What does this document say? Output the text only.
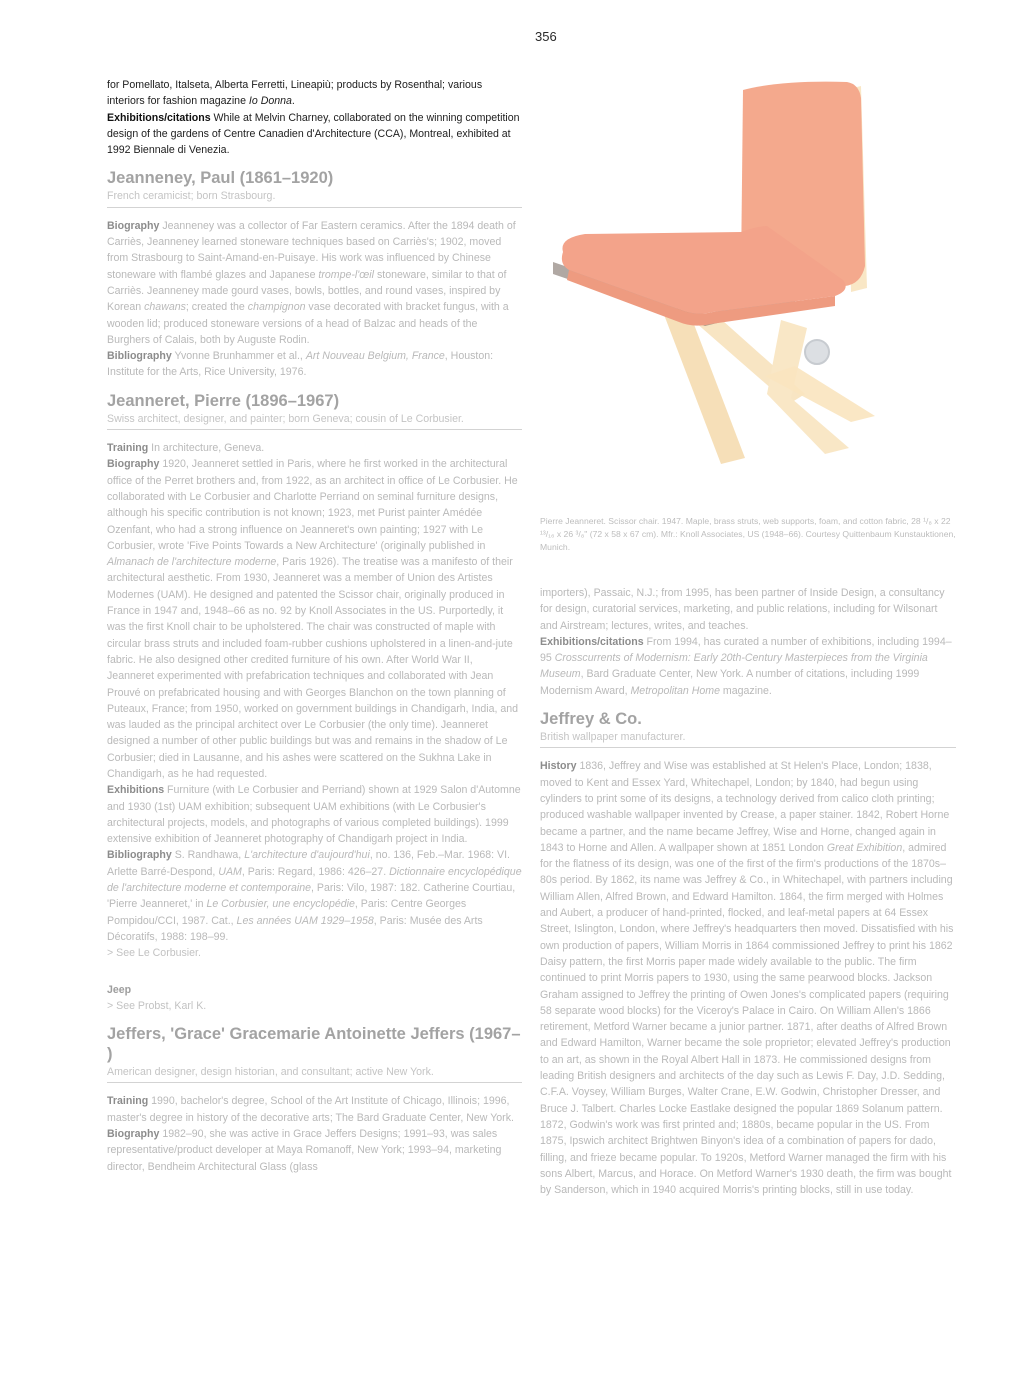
356

for Pomellato, Italseta, Alberta Ferretti, Lineapiù; products by Rosenthal; various interiors for fashion magazine Io Donna.

Exhibitions/citations While at Melvin Charney, collaborated on the winning competition design of the gardens of Centre Canadien d'Architecture (CCA), Montreal, exhibited at 1992 Biennale di Venezia.

Jeanneney, Paul (1861–1920)

French ceramicist; born Strasbourg.

Biography Jeanneney was a collector of Far Eastern ceramics. After the 1894 death of Carriès, Jeanneney learned stoneware techniques based on Carriès's; 1902, moved from Strasbourg to Saint-Amand-en-Puisaye. His work was influenced by Chinese stoneware with flambé glazes and Japanese trompe-l'œil stoneware, similar to that of Carriès. Jeanneney made gourd vases, bowls, bottles, and round vases, inspired by Korean chawans; created the champignon vase decorated with bracket fungus, with a wooden lid; produced stoneware versions of a head of Balzac and heads of the Burghers of Calais, both by Auguste Rodin.

Bibliography Yvonne Brunhammer et al., Art Nouveau Belgium, France, Houston: Institute for the Arts, Rice University, 1976.

Jeanneret, Pierre (1896–1967)

Swiss architect, designer, and painter; born Geneva; cousin of Le Corbusier.

Training In architecture, Geneva.

Biography 1920, Jeanneret settled in Paris, where he first worked in the architectural office of the Perret brothers and, from 1922, as an architect in office of Le Corbusier. He collaborated with Le Corbusier and Charlotte Perriand on seminal furniture designs, although his specific contribution is not known; 1923, met Purist painter Amédée Ozenfant, who had a strong influence on Jeanneret's own painting; 1927 with Le Corbusier, wrote 'Five Points Towards a New Architecture' (originally published in Almanach de l'architecture moderne, Paris 1926). The treatise was a manifesto of their architectural aesthetic. From 1930, Jeanneret was a member of Union des Artistes Modernes (UAM). He designed and patented the Scissor chair, originally produced in France in 1947 and, 1948–66 as no. 92 by Knoll Associates in the US. Purportedly, it was the first Knoll chair to be upholstered. The chair was constructed of maple with circular brass struts and included foam-rubber cushions upholstered in a linen-and-jute fabric. He also designed other credited furniture of his own. After World War II, Jeanneret experimented with prefabrication techniques and collaborated with Jean Prouvé on prefabricated housing and with Georges Blanchon on the town planning of Puteaux, France; from 1950, worked on government buildings in Chandigarh, India, and was lauded as the principal architect over Le Corbusier (the only time). Jeanneret designed a number of other public buildings but was and remains in the shadow of Le Corbusier; died in Lausanne, and his ashes were scattered on the Sukhna Lake in Chandigarh, as he had requested.

Exhibitions Furniture (with Le Corbusier and Perriand) shown at 1929 Salon d'Automne and 1930 (1st) UAM exhibition; subsequent UAM exhibitions (with Le Corbusier's architectural projects, models, and photographs of various completed buildings). 1999 extensive exhibition of Jeanneret photography of Chandigarh project in India.

Bibliography S. Randhawa, L'architecture d'aujourd'hui, no. 136, Feb.–Mar. 1968: VI. Arlette Barré-Despond, UAM, Paris: Regard, 1986: 426–27. Dictionnaire encyclopédique de l'architecture moderne et contemporaine, Paris: Vilo, 1987: 182. Catherine Courtiau, 'Pierre Jeanneret,' in Le Corbusier, une encyclopédie, Paris: Centre Georges Pompidou/CCI, 1987. Cat., Les années UAM 1929–1958, Paris: Musée des Arts Décoratifs, 1988: 198–99.

> See Le Corbusier.

Jeep

> See Probst, Karl K.

Jeffers, 'Grace' Gracemarie Antoinette Jeffers (1967– )

American designer, design historian, and consultant; active New York.

Training 1990, bachelor's degree, School of the Art Institute of Chicago, Illinois; 1996, master's degree in history of the decorative arts; The Bard Graduate Center, New York.

Biography 1982–90, she was active in Grace Jeffers Designs; 1991–93, was sales representative/product developer at Maya Romanoff, New York; 1993–94, marketing director, Bendheim Architectural Glass (glass

Pierre Jeanneret. Scissor chair. 1947. Maple, brass struts, web supports, foam, and cotton fabric, 28 ¹/₈ x 22 ¹³/₁₆ x 26 ³/₈" (72 x 58 x 67 cm). Mfr.: Knoll Associates, US (1948–66). Courtesy Quittenbaum Kunstauktionen, Munich.

importers), Passaic, N.J.; from 1995, has been partner of Inside Design, a consultancy for design, curatorial services, marketing, and public relations, including for Wilsonart and Airstream; lectures, writes, and teaches.

Exhibitions/citations From 1994, has curated a number of exhibitions, including 1994–95 Crosscurrents of Modernism: Early 20th-Century Masterpieces from the Virginia Museum, Bard Graduate Center, New York. A number of citations, including 1999 Modernism Award, Metropolitan Home magazine.

Jeffrey & Co.

British wallpaper manufacturer.

History 1836, Jeffrey and Wise was established at St Helen's Place, London; 1838, moved to Kent and Essex Yard, Whitechapel, London; by 1840, had begun using cylinders to print some of its designs, a technology derived from calico cloth printing; produced washable wallpaper invented by Crease, a paper stainer. 1842, Robert Horne became a partner, and the name became Jeffrey, Wise and Horne, changed again in 1843 to Horne and Allen. A wallpaper shown at 1851 London Great Exhibition, admired for the flatness of its design, was one of the first of the firm's productions of the 1870s–80s period. By 1862, its name was Jeffrey & Co., in Whitechapel, with partners including William Allen, Alfred Brown, and Edward Hamilton. 1864, the firm merged with Holmes and Aubert, a producer of hand-printed, flocked, and leaf-metal papers at 64 Essex Street, Islington, London, where Jeffrey's headquarters then moved. Dissatisfied with his own production of papers, William Morris in 1864 commissioned Jeffrey to print his 1862 Daisy pattern, the first Morris paper made widely available to the public. The firm continued to print Morris papers to 1930, using the same pearwood blocks. Jackson Graham assigned to Jeffrey the printing of Owen Jones's complicated papers (requiring 58 separate wood blocks) for the Viceroy's Palace in Cairo. On William Allen's 1866 retirement, Metford Warner became a junior partner. 1871, after deaths of Alfred Brown and Edward Hamilton, Warner became the sole proprietor; elevated Jeffrey's production to an art, as shown in the Royal Albert Hall in 1873. He commissioned designs from leading British designers and architects of the day such as Lewis F. Day, J.D. Sedding, C.F.A. Voysey, William Burges, Walter Crane, E.W. Godwin, Christopher Dresser, and Bruce J. Talbert. Charles Locke Eastlake designed the popular 1869 Solanum pattern. 1872, Godwin's work was first printed and; 1880s, became popular in the US. From 1875, Ipswich architect Brightwen Binyon's idea of a combination of papers for dado, filling, and frieze became popular. To 1920s, Metford Warner managed the firm with his sons Albert, Marcus, and Horace. On Metford Warner's 1930 death, the firm was bought by Sanderson, which in 1940 acquired Morris's printing blocks, still in use today.
